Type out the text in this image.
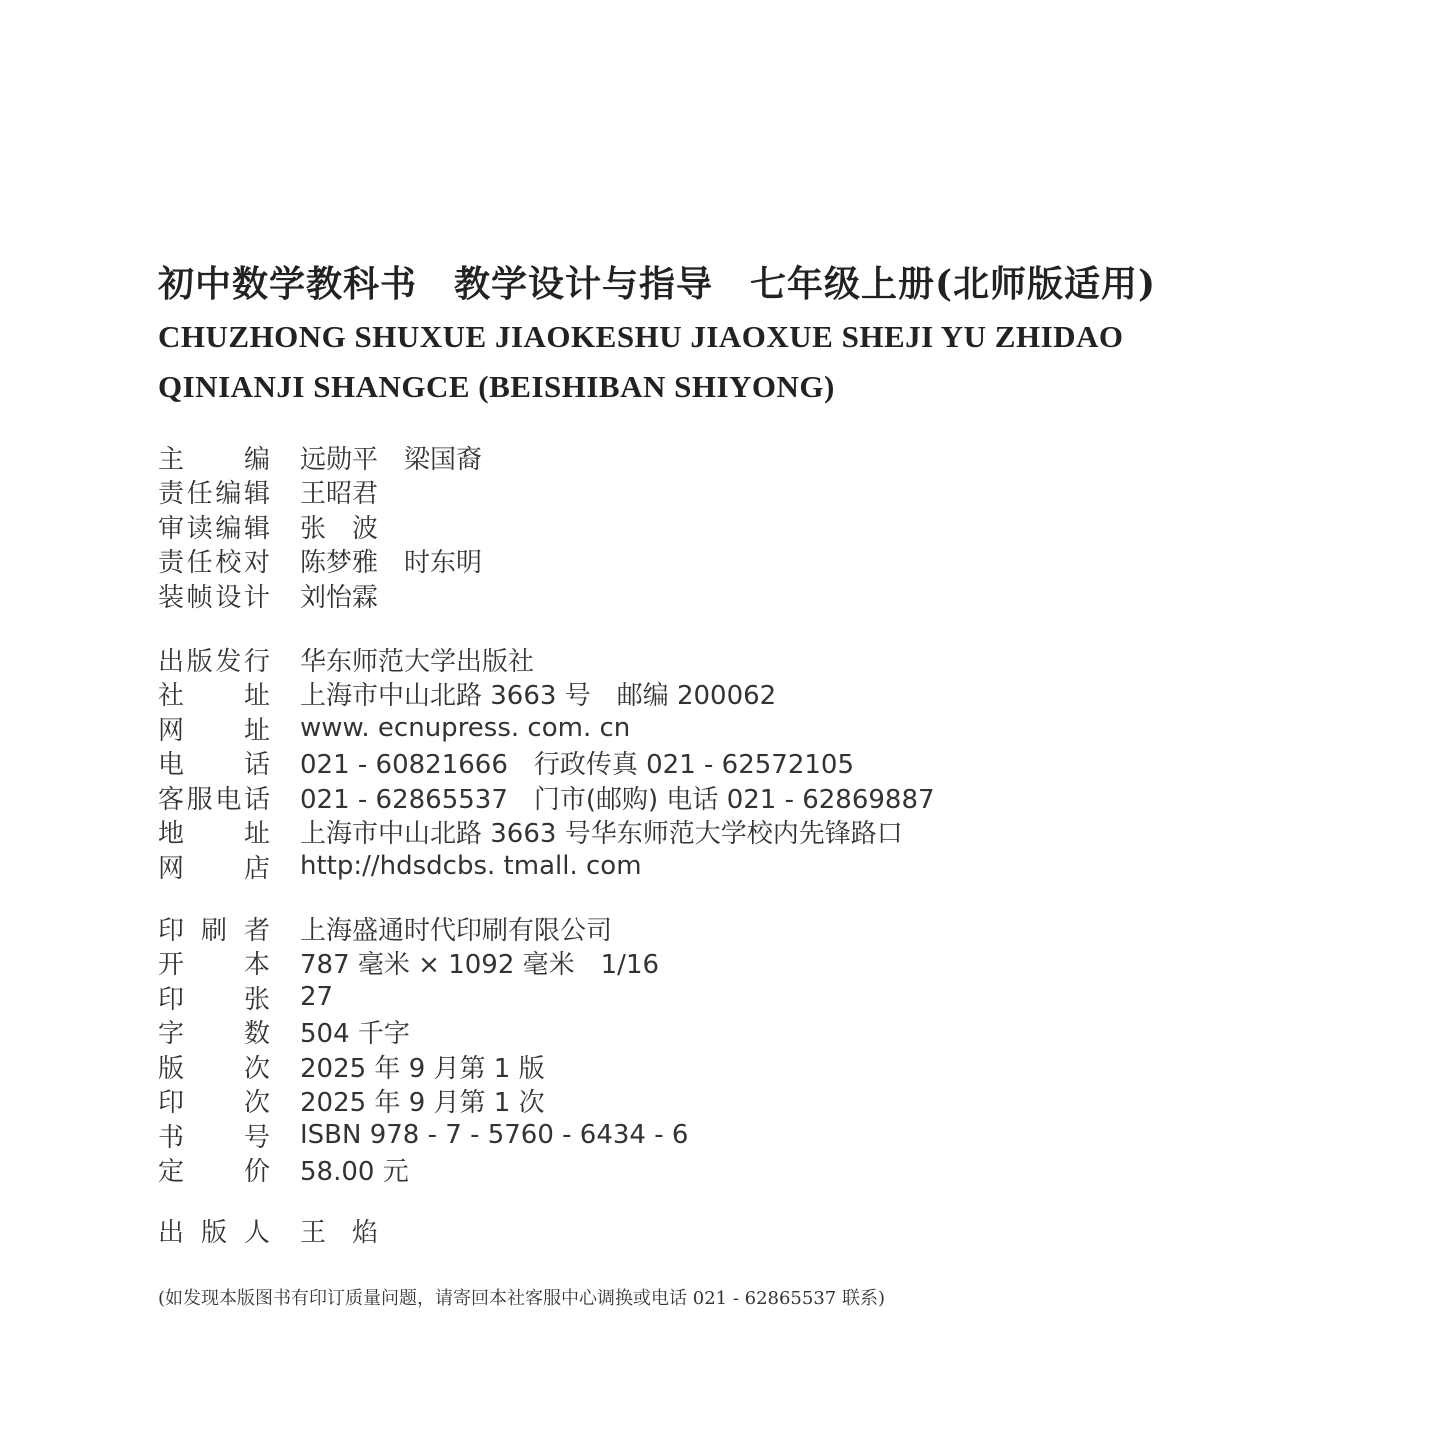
初中数学教科书　教学设计与指导　七年级上册(北师版适用)
CHUZHONG SHUXUE JIAOKESHU JIAOXUE SHEJI YU ZHIDAO
QINIANJI SHANGCE (BEISHIBAN SHIYONG)
主 编 远勋平　梁国裔
责 任 编 辑 王昭君
审 读 编 辑 张　波
责 任 校 对 陈梦雅　时东明
装 帧 设 计 刘怡霖
出 版 发 行 华东师范大学出版社
社 址 上海市中山北路 3663 号　邮编 200062
网 址 www. ecnupress. com. cn
电 话 021 - 60821666　行政传真 021 - 62572105
客 服 电 话 021 - 62865537　门市(邮购) 电话 021 - 62869887
地 址 上海市中山北路 3663 号华东师范大学校内先锋路口
网 店 http://hdsdcbs. tmall. com
印 刷 者 上海盛通时代印刷有限公司
开 本 787 毫米 × 1092 毫米　1/16
印 张 27
字 数 504 千字
版 次 2025 年 9 月第 1 版
印 次 2025 年 9 月第 1 次
书 号 ISBN 978 - 7 - 5760 - 6434 - 6
定 价 58.00 元
出 版 人 王　焰
(如发现本版图书有印订质量问题，请寄回本社客服中心调换或电话 021 - 62865537 联系)
